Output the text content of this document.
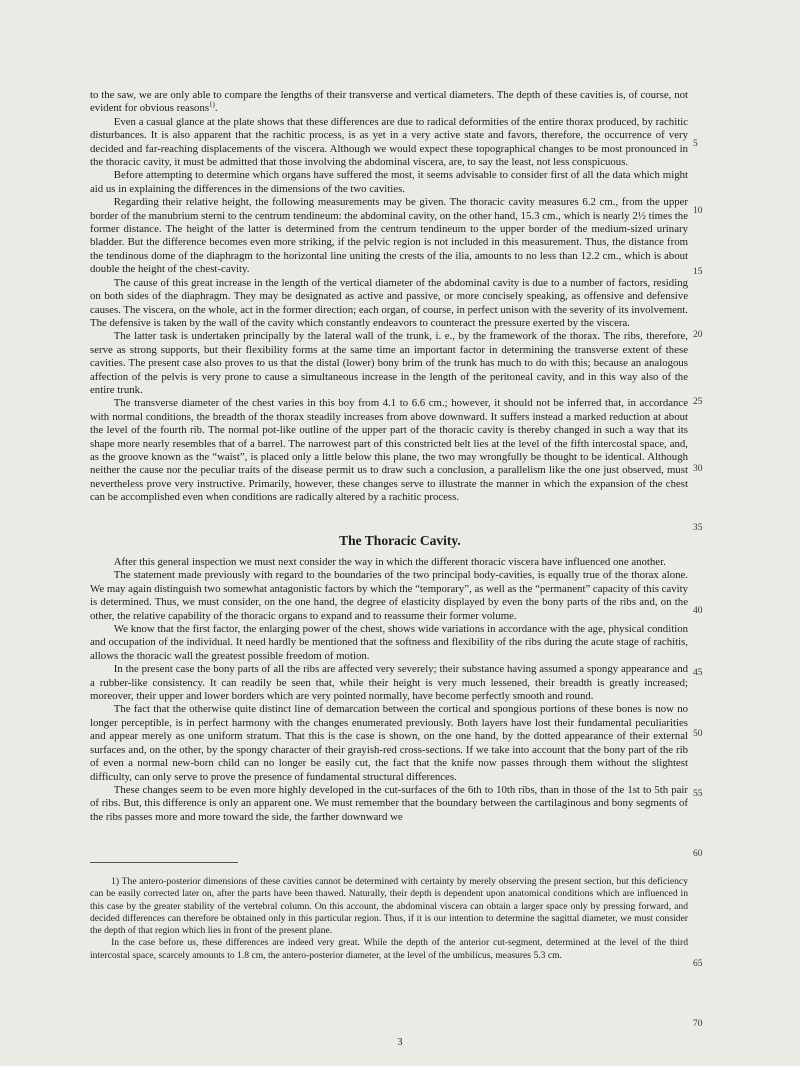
to the saw, we are only able to compare the lengths of their transverse and vertical diameters. The depth of these cavities is, of course, not evident for obvious reasons$^{1)}$.

Even a casual glance at the plate shows that these differences are due to radical deformities of the entire thorax produced, by rachitic disturbances. It is also apparent that the rachitic process, is as yet in a very active state and favors, therefore, the occurrence of very decided and far-reaching displacements of the viscera. Although we would expect these topographical changes to be most pronounced in the thoracic cavity, it must be admitted that those involving the abdominal viscera, are, to say the least, not less conspicuous.

Before attempting to determine which organs have suffered the most, it seems advisable to consider first of all the data which might aid us in explaining the differences in the dimensions of the two cavities.

Regarding their relative height, the following measurements may be given. The thoracic cavity measures 6.2 cm., from the upper border of the manubrium sterni to the centrum tendineum: the abdominal cavity, on the other hand, 15.3 cm., which is nearly 2½ times the former distance. The height of the latter is determined from the centrum tendineum to the upper border of the medium-sized urinary bladder. But the difference becomes even more striking, if the pelvic region is not included in this measurement. Thus, the distance from the tendinous dome of the diaphragm to the horizontal line uniting the crests of the ilia, amounts to no less than 12.2 cm., which is about double the height of the chest-cavity.

The cause of this great increase in the length of the vertical diameter of the abdominal cavity is due to a number of factors, residing on both sides of the diaphragm. They may be designated as active and passive, or more concisely speaking, as offensive and defensive causes. The viscera, on the whole, act in the former direction; each organ, of course, in perfect unison with the severity of its involvement. The defensive is taken by the wall of the cavity which constantly endeavors to counteract the pressure exerted by the viscera.

The latter task is undertaken principally by the lateral wall of the trunk, i. e., by the framework of the thorax. The ribs, therefore, serve as strong supports, but their flexibility forms at the same time an important factor in determining the transverse extent of these cavities. The present case also proves to us that the distal (lower) bony brim of the trunk has much to do with this; because an analogous affection of the pelvis is very prone to cause a simultaneous increase in the length of the peritoneal cavity, and in this way also of the entire trunk.

The transverse diameter of the chest varies in this boy from 4.1 to 6.6 cm.; however, it should not be inferred that, in accordance with normal conditions, the breadth of the thorax steadily increases from above downward. It suffers instead a marked reduction at about the level of the fourth rib. The normal pot-like outline of the upper part of the thoracic cavity is thereby changed in such a way that its shape more nearly resembles that of a barrel. The narrowest part of this constricted belt lies at the level of the fifth intercostal space, and, as the groove known as the “waist”, is placed only a little below this plane, the two may wrongfully be thought to be identical. Although neither the cause nor the peculiar traits of the disease permit us to draw such a conclusion, a parallelism like the one just observed, must nevertheless prove very instructive. Primarily, however, these changes serve to illustrate the manner in which the expansion of the chest can be accomplished even when conditions are radically altered by a rachitic process.

The Thoracic Cavity.

After this general inspection we must next consider the way in which the different thoracic viscera have influenced one another.

The statement made previously with regard to the boundaries of the two principal body-cavities, is equally true of the thorax alone. We may again distinguish two somewhat antagonistic factors by which the “temporary”, as well as the “permanent” capacity of this cavity is determined. Thus, we must consider, on the one hand, the degree of elasticity displayed by even the bony parts of the ribs and, on the other, the relative capability of the thoracic organs to expand and to reassume their former volume.

We know that the first factor, the enlarging power of the chest, shows wide variations in accordance with the age, physical condition and occupation of the individual. It need hardly be mentioned that the softness and flexibility of the ribs during the acute stage of rachitis, allows the thoracic wall the greatest possible freedom of motion.

In the present case the bony parts of all the ribs are affected very severely; their substance having assumed a spongy appearance and a rubber-like consistency. It can readily be seen that, while their height is very much lessened, their breadth is greatly increased; moreover, their upper and lower borders which are very pointed normally, have become perfectly smooth and round.

The fact that the otherwise quite distinct line of demarcation between the cortical and spongious portions of these bones is now no longer perceptible, is in perfect harmony with the changes enumerated previously. Both layers have lost their fundamental peculiarities and appear merely as one uniform stratum. That this is the case is shown, on the one hand, by the dotted appearance of their external surfaces and, on the other, by the spongy character of their grayish-red cross-sections. If we take into account that the bony part of the rib of even a normal new-born child can no longer be easily cut, the fact that the knife now passes through them without the slightest difficulty, can only serve to prove the presence of fundamental structural differences.

These changes seem to be even more highly developed in the cut-surfaces of the 6th to 10th ribs, than in those of the 1st to 5th pair of ribs. But, this difference is only an apparent one. We must remember that the boundary between the cartilaginous and bony segments of the ribs passes more and more toward the side, the farther downward we

1) The antero-posterior dimensions of these cavities cannot be determined with certainty by merely observing the present section, but this deficiency can be easily corrected later on, after the parts have been thawed. Naturally, their depth is dependent upon anatomical conditions which are influenced in this case by the greater stability of the vertebral column. On this account, the abdominal viscera can obtain a larger space only by pressing forward, and decided differences can therefore be obtained only in this particular region. Thus, if it is our intention to determine the sagittal diameter, we must consider the depth of that region which lies in front of the present plane.

In the case before us, these differences are indeed very great. While the depth of the anterior cut-segment, determined at the level of the third intercostal space, scarcely amounts to 1.8 cm, the antero-posterior diameter, at the level of the umbilicus, measures 5.3 cm.

5
10
15
20
25
30
35
40
45
50
55
60
65
70
3
